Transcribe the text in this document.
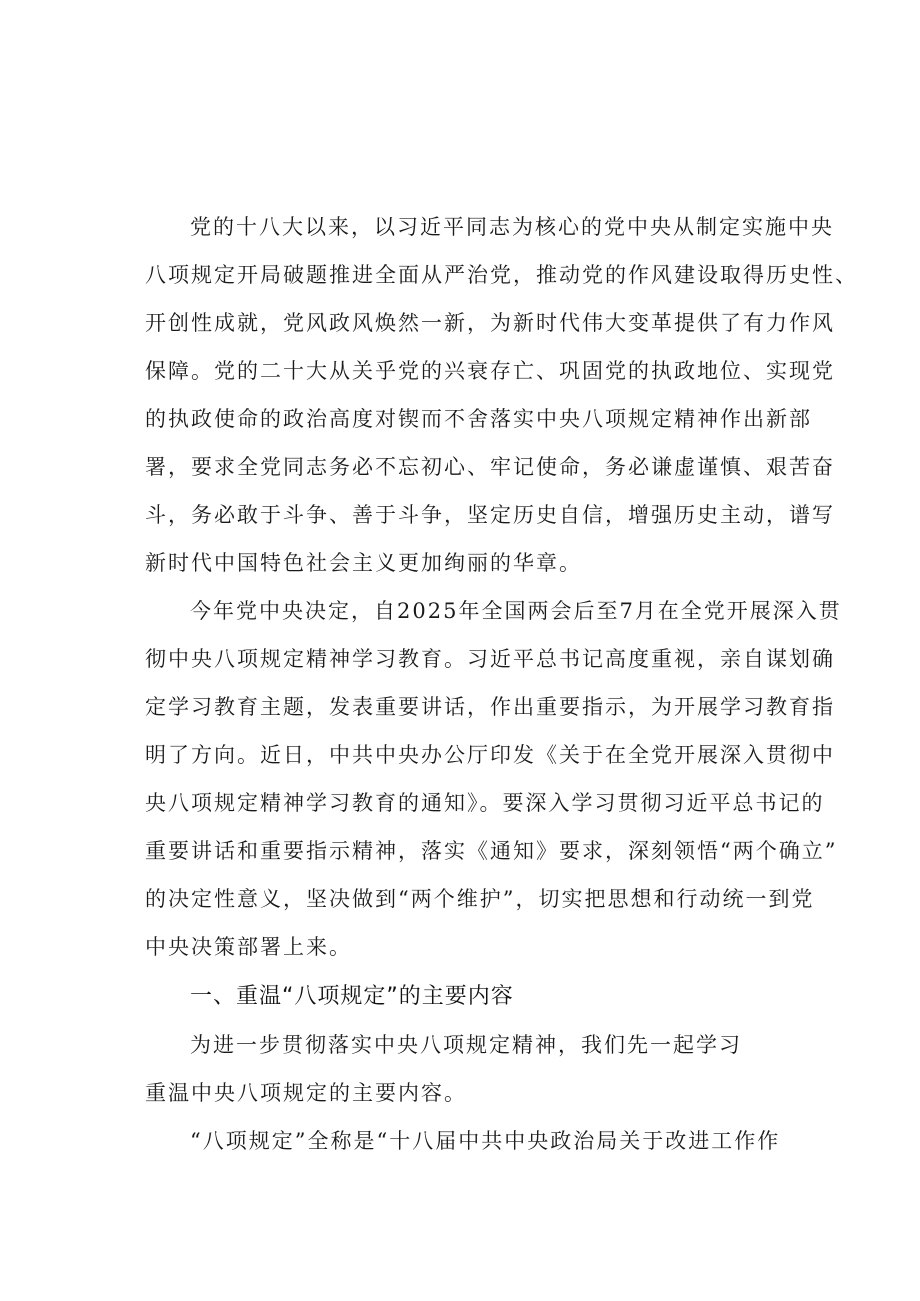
党的十八大以来，以习近平同志为核心的党中央从制定实施中央
八项规定开局破题推进全面从严治党，推动党的作风建设取得历史性、
开创性成就，党风政风焕然一新，为新时代伟大变革提供了有力作风
保障。党的二十大从关乎党的兴衰存亡、巩固党的执政地位、实现党
的执政使命的政治高度对锲而不舍落实中央八项规定精神作出新部
署，要求全党同志务必不忘初心、牢记使命，务必谦虚谨慎、艰苦奋
斗，务必敢于斗争、善于斗争，坚定历史自信，增强历史主动，谱写
新时代中国特色社会主义更加绚丽的华章。
今年党中央决定，自2025年全国两会后至7月在全党开展深入贯
彻中央八项规定精神学习教育。习近平总书记高度重视，亲自谋划确
定学习教育主题，发表重要讲话，作出重要指示，为开展学习教育指
明了方向。近日，中共中央办公厅印发《关于在全党开展深入贯彻中
央八项规定精神学习教育的通知》。要深入学习贯彻习近平总书记的
重要讲话和重要指示精神，落实《通知》要求，深刻领悟“两个确立”
的决定性意义，坚决做到“两个维护”，切实把思想和行动统一到党
中央决策部署上来。
一、重温“八项规定”的主要内容
为进一步贯彻落实中央八项规定精神，我们先一起学习
重温中央八项规定的主要内容。
“八项规定”全称是“十八届中共中央政治局关于改进工作作
